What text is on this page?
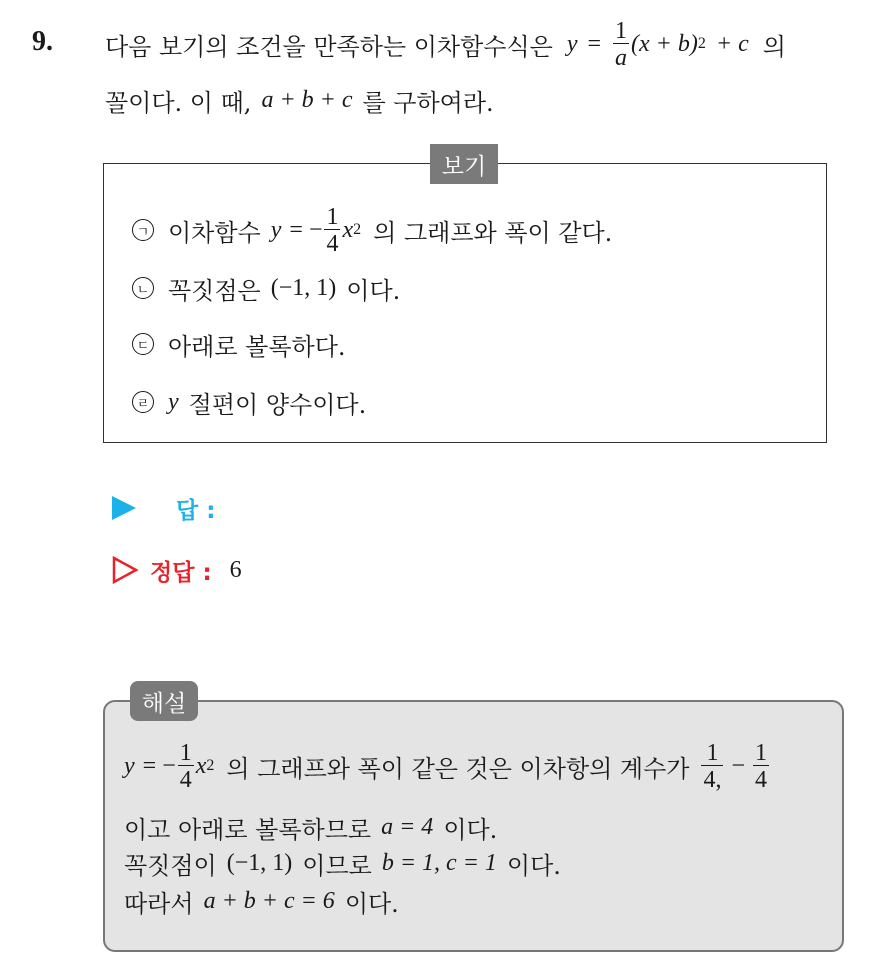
9. 다음 보기의 조건을 만족하는 이차함수식은 $y = \frac{1}{a} (x + b) 2 + c$ 의
꼴이다. 이 때, a + b + c 를 구하여라.
보기
ㄱ 이차함수 y = − $\frac{1}{4}$ x 2 의 그래프와 폭이 같다.
ㄴ 꼭짓점은 (−1, 1) 이다.
ㄷ 아래로 볼록하다.
ㄹ y 절편이 양수이다.
답 :
정답 : 6
해설
y = − $\frac{1}{4}$ x 2 의 그래프와 폭이 같은 것은 이차항의 계수가 $\frac{1}{4,} - \frac{1}{4}$
이고 아래로 볼록하므로 a = 4 이다.
꼭짓점이 (−1, 1) 이므로 b = 1, c = 1 이다.
따라서 a + b + c = 6 이다.
